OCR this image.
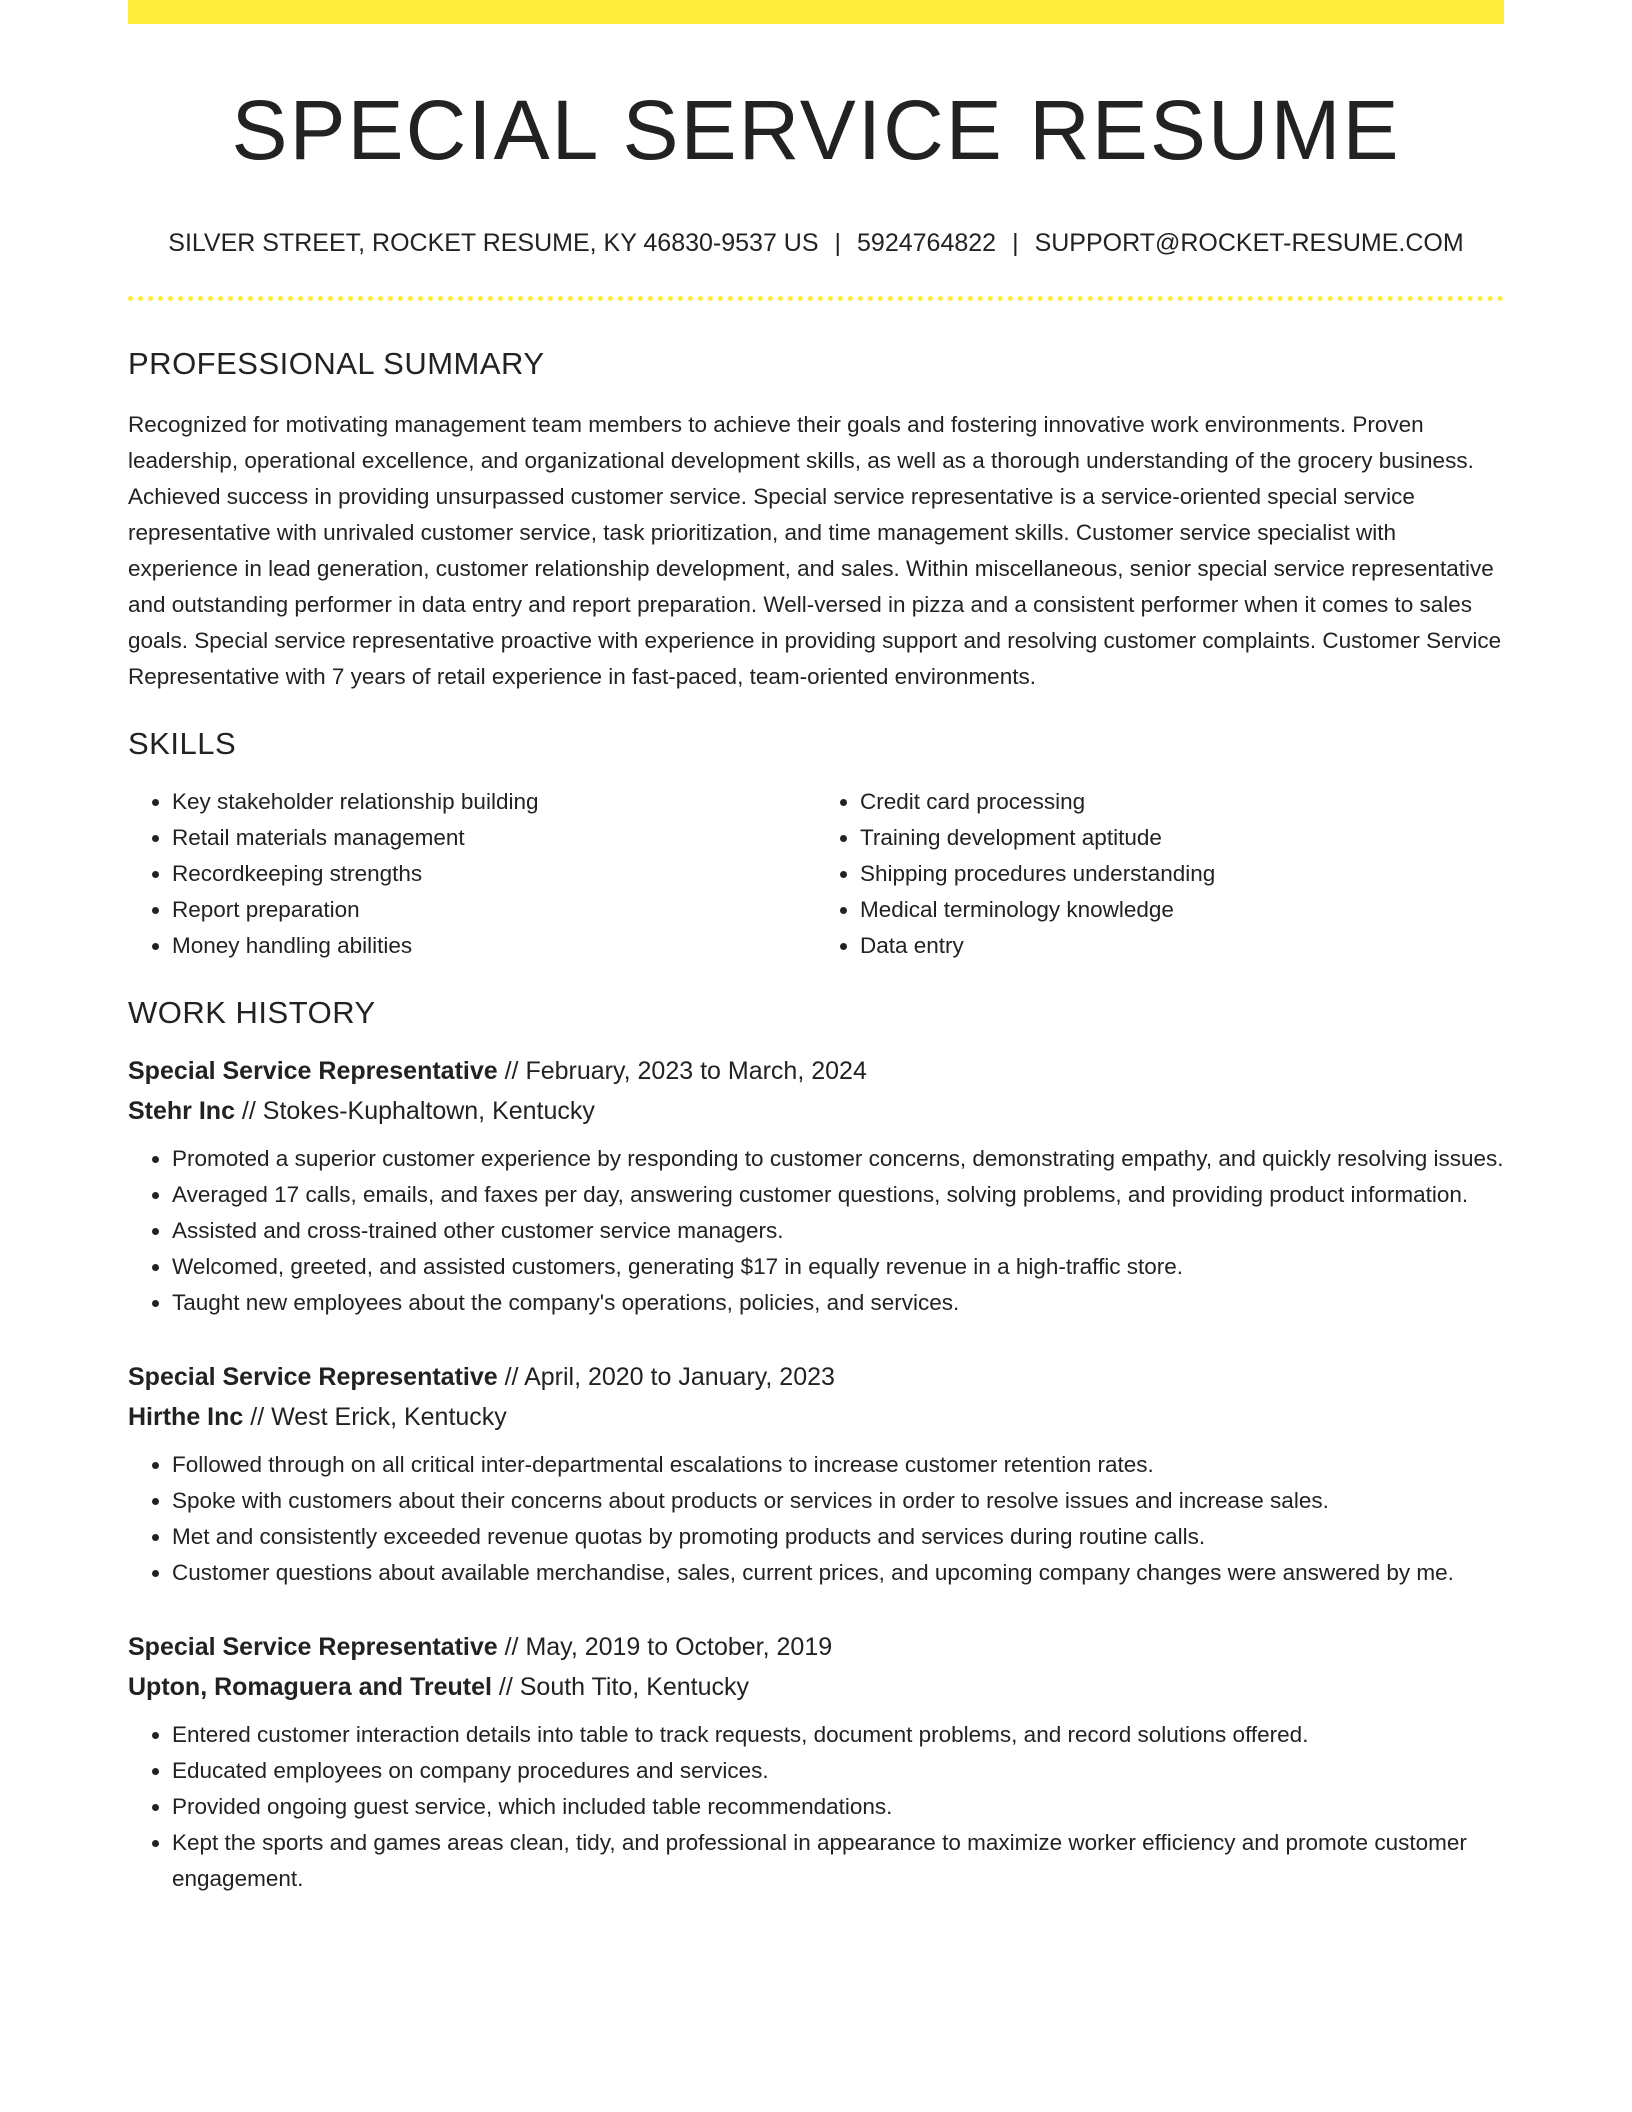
SPECIAL SERVICE RESUME
SILVER STREET, ROCKET RESUME, KY 46830-9537 US | 5924764822 | SUPPORT@ROCKET-RESUME.COM
PROFESSIONAL SUMMARY

Recognized for motivating management team members to achieve their goals and fostering innovative work environments. Proven leadership, operational excellence, and organizational development skills, as well as a thorough understanding of the grocery business. Achieved success in providing unsurpassed customer service. Special service representative is a service-oriented special service representative with unrivaled customer service, task prioritization, and time management skills. Customer service specialist with experience in lead generation, customer relationship development, and sales. Within miscellaneous, senior special service representative and outstanding performer in data entry and report preparation. Well-versed in pizza and a consistent performer when it comes to sales goals. Special service representative proactive with experience in providing support and resolving customer complaints. Customer Service Representative with 7 years of retail experience in fast-paced, team-oriented environments.

SKILLS
• Key stakeholder relationship building
• Retail materials management
• Recordkeeping strengths
• Report preparation
• Money handling abilities
• Credit card processing
• Training development aptitude
• Shipping procedures understanding
• Medical terminology knowledge
• Data entry
WORK HISTORY
Special Service Representative // February, 2023 to March, 2024
Stehr Inc // Stokes-Kuphaltown, Kentucky
• Promoted a superior customer experience by responding to customer concerns, demonstrating empathy, and quickly resolving issues.
• Averaged 17 calls, emails, and faxes per day, answering customer questions, solving problems, and providing product information.
• Assisted and cross-trained other customer service managers.
• Welcomed, greeted, and assisted customers, generating $17 in equally revenue in a high-traffic store.
• Taught new employees about the company's operations, policies, and services.
Special Service Representative // April, 2020 to January, 2023
Hirthe Inc // West Erick, Kentucky
• Followed through on all critical inter-departmental escalations to increase customer retention rates.
• Spoke with customers about their concerns about products or services in order to resolve issues and increase sales.
• Met and consistently exceeded revenue quotas by promoting products and services during routine calls.
• Customer questions about available merchandise, sales, current prices, and upcoming company changes were answered by me.
Special Service Representative // May, 2019 to October, 2019
Upton, Romaguera and Treutel // South Tito, Kentucky
• Entered customer interaction details into table to track requests, document problems, and record solutions offered.
• Educated employees on company procedures and services.
• Provided ongoing guest service, which included table recommendations.
• Kept the sports and games areas clean, tidy, and professional in appearance to maximize worker efficiency and promote customer engagement.
